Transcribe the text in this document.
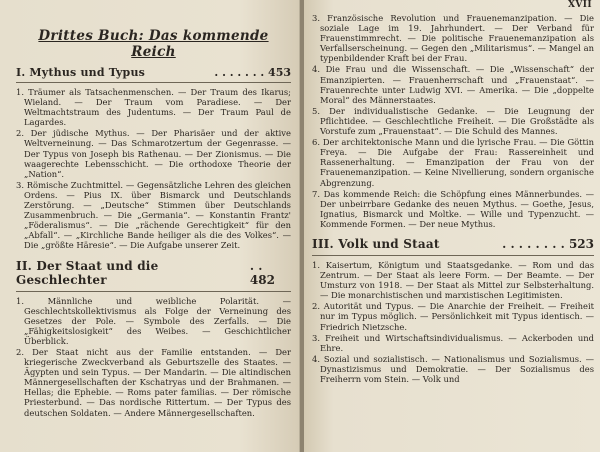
Drittes Buch: Das kommende Reich
I. Mythus und Typus	. . . . . . . 453

1. Träumer als Tatsachenmenschen. — Der Traum des Ikarus; Wieland. — Der Traum vom Paradiese. — Der Weltmachtstraum des Judentums. — Der Traum Paul de Lagardes.

2. Der jüdische Mythus. — Der Pharisäer und der aktive Weltverneinung. — Das Schmarotzertum der Gegenrasse. — Der Typus von Joseph bis Rathenau. — Der Zionismus. — Die waagerechte Lebensschicht. — Die orthodoxe Theorie der „Nation“.

3. Römische Zuchtmittel. — Gegensätzliche Lehren des gleichen Ordens. — Pius IX. über Bismarck und Deutschlands Zerstörung. — „Deutsche“ Stimmen über Deutschlands Zusammenbruch. — Die „Germania“. — Konstantin Frantz' „Föderalismus“. — Die „rächende Gerechtigkeit“ für den „Abfall“. — „Kirchliche Bande heiliger als die des Volkes“. — Die „größte Häresie“. — Die Aufgabe unserer Zeit.

II. Der Staat und die Geschlechter
. . 482

1. Männliche und weibliche Polarität. — Geschlechtskollektivismus als Folge der Verneinung des Gesetzes der Pole. — Symbole des Zerfalls. — Die „Fähigkeitslosigkeit“ des Weibes. — Geschichtlicher Überblick.

2. Der Staat nicht aus der Familie entstanden. — Der kriegerische Zweckverband als Geburtszelle des Staates. — Ägypten und sein Typus. — Der Mandarin. — Die altindischen Männergesellschaften der Kschatryas und der Brahmanen. — Hellas; die Ephebie. — Roms pater familias. — Der römische Priesterbund. — Das nordische Rittertum. — Der Typus des deutschen Soldaten. — Andere Männergesellschaften.

XVII

3. Französische Revolution und Frauenemanzipation. — Die soziale Lage im 19. Jahrhundert. — Der Verband für Frauenstimmrecht. — Die politische Frauenemanzipation als Verfallserscheinung. — Gegen den „Militarismus“. — Mangel an typenbildender Kraft bei der Frau.

4. Die Frau und die Wissenschaft. — Die „Wissenschaft“ der Emanzipierten. — Frauenherrschaft und „Frauenstaat“. — Frauenrechte unter Ludwig XVI. — Amerika. — Die „doppelte Moral“ des Männerstaates.

5. Der individualistische Gedanke. — Die Leugnung der Pflichtidee. — Geschlechtliche Freiheit. — Die Großstädte als Vorstufe zum „Frauenstaat“. — Die Schuld des Mannes.

6. Der architektonische Mann und die lyrische Frau. — Die Göttin Freya. — Die Aufgabe der Frau: Rassereinheit und Rassenerhaltung. — Emanzipation der Frau von der Frauenemanzipation. — Keine Nivellierung, sondern organische Abgrenzung.

7. Das kommende Reich: die Schöpfung eines Männerbundes. — Der unbeirrbare Gedanke des neuen Mythus. — Goethe, Jesus, Ignatius, Bismarck und Moltke. — Wille und Typenzucht. — Kommende Formen. — Der neue Mythus.

III. Volk und Staat	. . . . . . . . 523

1. Kaisertum, Königtum und Staatsgedanke. — Rom und das Zentrum. — Der Staat als leere Form. — Der Beamte. — Der Umsturz von 1918. — Der Staat als Mittel zur Selbsterhaltung. — Die monarchistischen und marxistischen Legitimisten.

2. Autorität und Typus. — Die Anarchie der Freiheit. — Freiheit nur im Typus möglich. — Persönlichkeit mit Typus identisch. — Friedrich Nietzsche.

3. Freiheit und Wirtschaftsindividualismus. — Ackerboden und Ehre.

4. Sozial und sozialistisch. — Nationalismus und Sozialismus. — Dynastizismus und Demokratie. — Der Sozialismus des Freiherrn vom Stein. — Volk und
